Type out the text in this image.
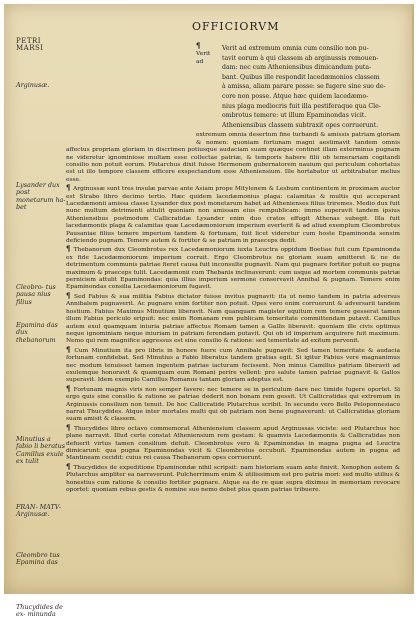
OFFICIORVM
PETRI MARSI
Arginusæ.
Lysander dux post monetarum ha-bet
Cleobro- tus pausa nius filius
Epamina das dux thebanorum
Minutius a fabio li beratus Camillus exule ex tulit
FRAN- MATV- Arginusæ.
Cleombro tus Epamina das
Thucydides de ex- minunda
Verit ad extremum omnia cum consilio non pu-
tavit eorum à qui classem ab arginussis remouen-
dam: nec cum Atheniensibus dimicandum puta-
bant. Quibus ille respondit lacedæmonios classem
à amissa, aliam parare posse: se fugere sine suo de-
core non posse. Atque hæc quidem lacedæmo-
nius plaga mediocris fuit illa pestiferaque qua Cle-
ombrotus temere: ut illum Epaminondas vicit.
Atheniensibus classem subtraxit opes corruerunt.

¶ Verit ad extremum omnia desertum fine turbandi & amissis patriam gloriam & nomen: quoniam fortunam magni aestimavit tandem omnis affectus propriam gloriam in discrimen potiusque audaciam suam quæque continet illam exterminus pugnam ne videretur ignominiose multam esse collectae patriæ, & temporis habere filii ob temerariam cogitandi consilio non potuit eorum. Plutarchus dixit fuisse Hermonem gubernatorem nauium qui periculum cohortatus est ut illo tempore classem efficere exspectandum esse Atheniensium. Ille hortabatur ut arbitrabatur melius esse.

¶ Arginussæ sunt tres insulæ parvae ante Asiam prope Mitylenem & Lesbum continentem in proximam auctor est Strabo libro decimo tertio. Hæc quidem lacedæmonius plaga: calamitas & multis qui acceperant Lacedæmonii amissa classe Lysander dux post monetarum habet ad Athenienses filius triremes. Medio dux fuit nunc multum detrimenti attulit quoniam non amissam eius rempublicam: immo superavit tandem ipsius Atheniensibus postmodum Callicratidæ Lysander enim duo cratos effugit Athenas subegit. Illa fuit lacedæmoniis plaga & calamitas quæ Lacedæmoniorum imperium everterit & ad aliud exemplum Cleombrotus Pausaniae filius temere imperium tandem & fortunam, fuit licet videretur cum hoste Epaminonda sensim deficiendo pugnam. Temere autem & fortiter & se patriam in praeceps dedit.

¶ Thebanorum dux Cleombrotus rex Lacedæmoniorum iuxta Leuctra oppidum Boetiae fuit cum Epaminonda ex fide Lacedæmoniorum imperium corruit. Ergo Cleombrotus ne gloriam suam amitteret & ne de detrimentum communis patriae fieret causa fuit inconsulte pugnavit. Nam qui pugnare fortiter potuit eo pugna maximum & praeceps tulit. Lacedæmonii cum Thebanis inclinaverunt: cum usque ad mortem communis patriæ perniciem attulit Epaminondas: quia illius imperium sermone conservavit Annibal & pugnam. Temere enim Epaminondas consilia Lacedæmoniorum fugavit.

¶ Sed Fabius & sua militia Fabius dictator fuisse invitus pugnavit: ita ut nemo tandem in patria adversus Annibalem pugnaverit. Ac pugnare enim fortiter non potuit. Opes vero enim corruerunt & adversarii tandem hostium. Fabius Maximus Minutium liberavit. Nam quanquam magister equitum rem temere gesserat tamen illum Fabius periculo eripuit: nec enim Romanam rem publicam temeritate committendam putavit. Camillus autem exul quamquam iniuria patriae affectus Romam tamen a Gallis liberavit: quoniam ille civis optimus neque ignominiam neque iniuriam in patriam ferendam putavit. Qui ob id imperium acquirere fuit maximum. Nemo qui rem magnifice aggressus est sine consilio & ratione: sed temeritate ad exitum pervenit.

¶ Cum Minutium ita pro libris in honore fuere cum Annibale pugnavit: Sed tamen temeritate & audacia fortunam confidebat. Sed Minutius a Fabio liberatus tandem gratias egit. Si igitur Fabius vere magnanimus nec modum tenuisset tamen ingentem patriae iacturam fecissent. Non minus Camillus patriam liberavit ad exulemque honoravit & quamquam eum Romani perire vellent: pro salute tamen patriae pugnavit & Gallos superavit. Idem exemplo Camillus Romanus tantam gloriam adeptus est.

¶ Fortunam magnis viris non semper favere: nec temere se in periculum dare nec timide fugere oportet. Si ergo quis sine consilio & ratione se patriae dederit non bonam rem gessit. Ut Callicratidas qui extremum in Arginussis consilium non tenuit. De hoc Callicratide Plutarchus scribit. In secundo vero Bello Peloponnesiaco narrat Thucydides. Atque inter mortales multi qui ob patriam non bene pugnaverunt: ut Callicratidas gloriam suam amisit & classem.

¶ Thucydides libro octavo commemorat Atheniensium classem apud Arginussas viciste: sed Plutarchus hoc plane narravit. Illud certe constat Atheniensium rem gestam: & quamvis Lacedæmoniis & Callicratidas non defuerit virtus tamen consilium defuit. Cleombrotus vero & Epaminondas in magna pugna ad Leuctra dimicarunt: qua pugna Epaminondas vicit & Cleombrotus occubuit. Epaminondas autem in pugna ad Mantineam cecidit: cuius rei causa Thebanorum opes corruerunt.

¶ Thucydides de expeditione Epaminondæ nihil scripsit: nam historiam suam ante finivit. Xenophon autem & Plutarchus ampliter ea narraverunt. Pulcherrimum enim & utilissimum est pro patria mori: sed multo utilius & honestius cum ratione & consilio fortiter pugnare. Atque ea de re quæ supra diximus in memoriam revocare oportet: quoniam rebus gestis & nomine suo nemo debet plus quam patriae tribuere.
